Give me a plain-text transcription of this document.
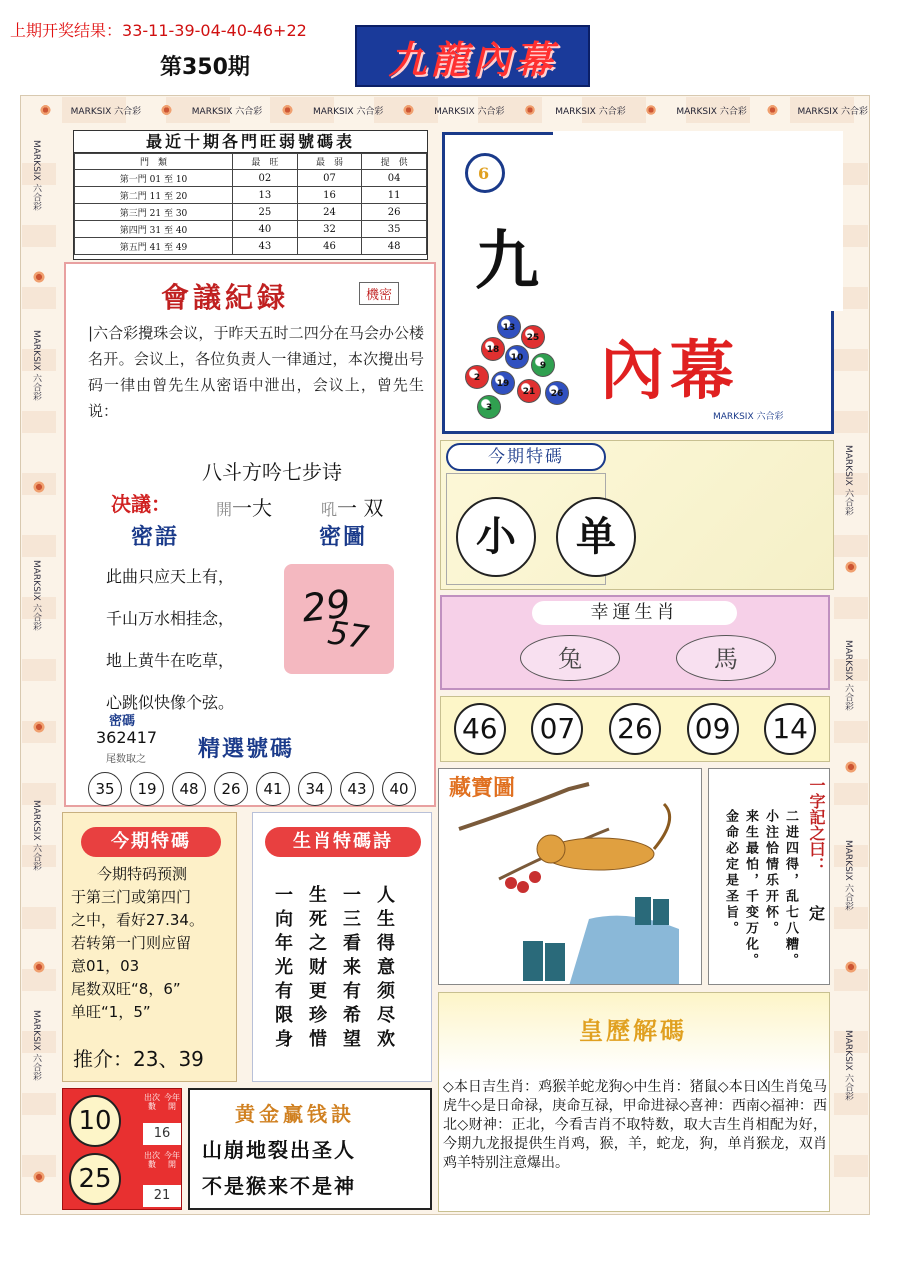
上期开奖结果：33-11-39-04-40-46+22
第350期	九龍內幕
MARKSIX 六合彩	MARKSIX 六合彩	MARKSIX 六合彩	MARKSIX 六合彩	MARKSIX 六合彩	MARKSIX 六合彩	MARKSIX 六合彩
MARKSIX 六合彩
MARKSIX 六合彩
MARKSIX 六合彩
MARKSIX 六合彩
MARKSIX 六合彩
MARKSIX 六合彩
MARKSIX 六合彩
MARKSIX 六合彩
MARKSIX 六合彩
最近十期各門旺弱號碼表
門　類	最　旺	最　弱	提　供
第一門 01 至 10	02	07	04
第二門 11 至 20	13	16	11
第三門 21 至 30	25	24	26
第四門 31 至 40	40	32	35
第五門 41 至 49	43	46	48
會議紀録	機密
|六合彩攪珠会议，于昨天五时二四分在马会办公楼名开。会议上，各位负责人一律通过，本次攪出号码一律由曾先生从密语中泄出，会议上，曾先生说：
八斗方吟七步诗
决議：	開一大	吼一 双
密語	密圖
此曲只应天上有，
千山万水相挂念，
地上黄牛在吃草，
心跳似快像个弦。
29
57
密碼
362417
尾数取之 精選號碼
35	19	48	26	41	34	43	40
6
九
內幕
13
25
18
10
9
2
19
21	26
3
MARKSIX 六合彩
今期特碼
小	单
幸運生肖
兔	馬
46 07 26 09 14
藏寶圖	一字記之曰：
定
二进四得，乱七八糟。
小注恰情乐开怀。
来生最怕，千变万化。
金命必定是圣旨。
皇歷解碼
◇本日吉生肖：鸡猴羊蛇龙狗◇中生肖：猪鼠◇本日凶生肖兔马虎牛◇是日命禄，庚命互禄，甲命进禄◇喜神：西南◇福神：西北◇财神：正北，今看吉肖不取特数，取大吉生肖相配为好，今期九龙报提供生肖鸡，猴，羊，蛇龙，狗，单肖猴龙，双肖鸡羊特别注意爆出。
今期特碼
今期特码预测
于第三门或第四门
之中，看好27.34。
若转第一门则应留
意01，03
尾数双旺“8，6”
单旺“1，5”
推介：23、39
生肖特碼詩
人生得意须尽欢
一三看来有希望
生死之财更珍惜
一向年光有限身
10
出次數
今年開
16
25
出次數
今年開
21
黄金赢钱訣
山崩地裂出圣人
不是猴来不是神
